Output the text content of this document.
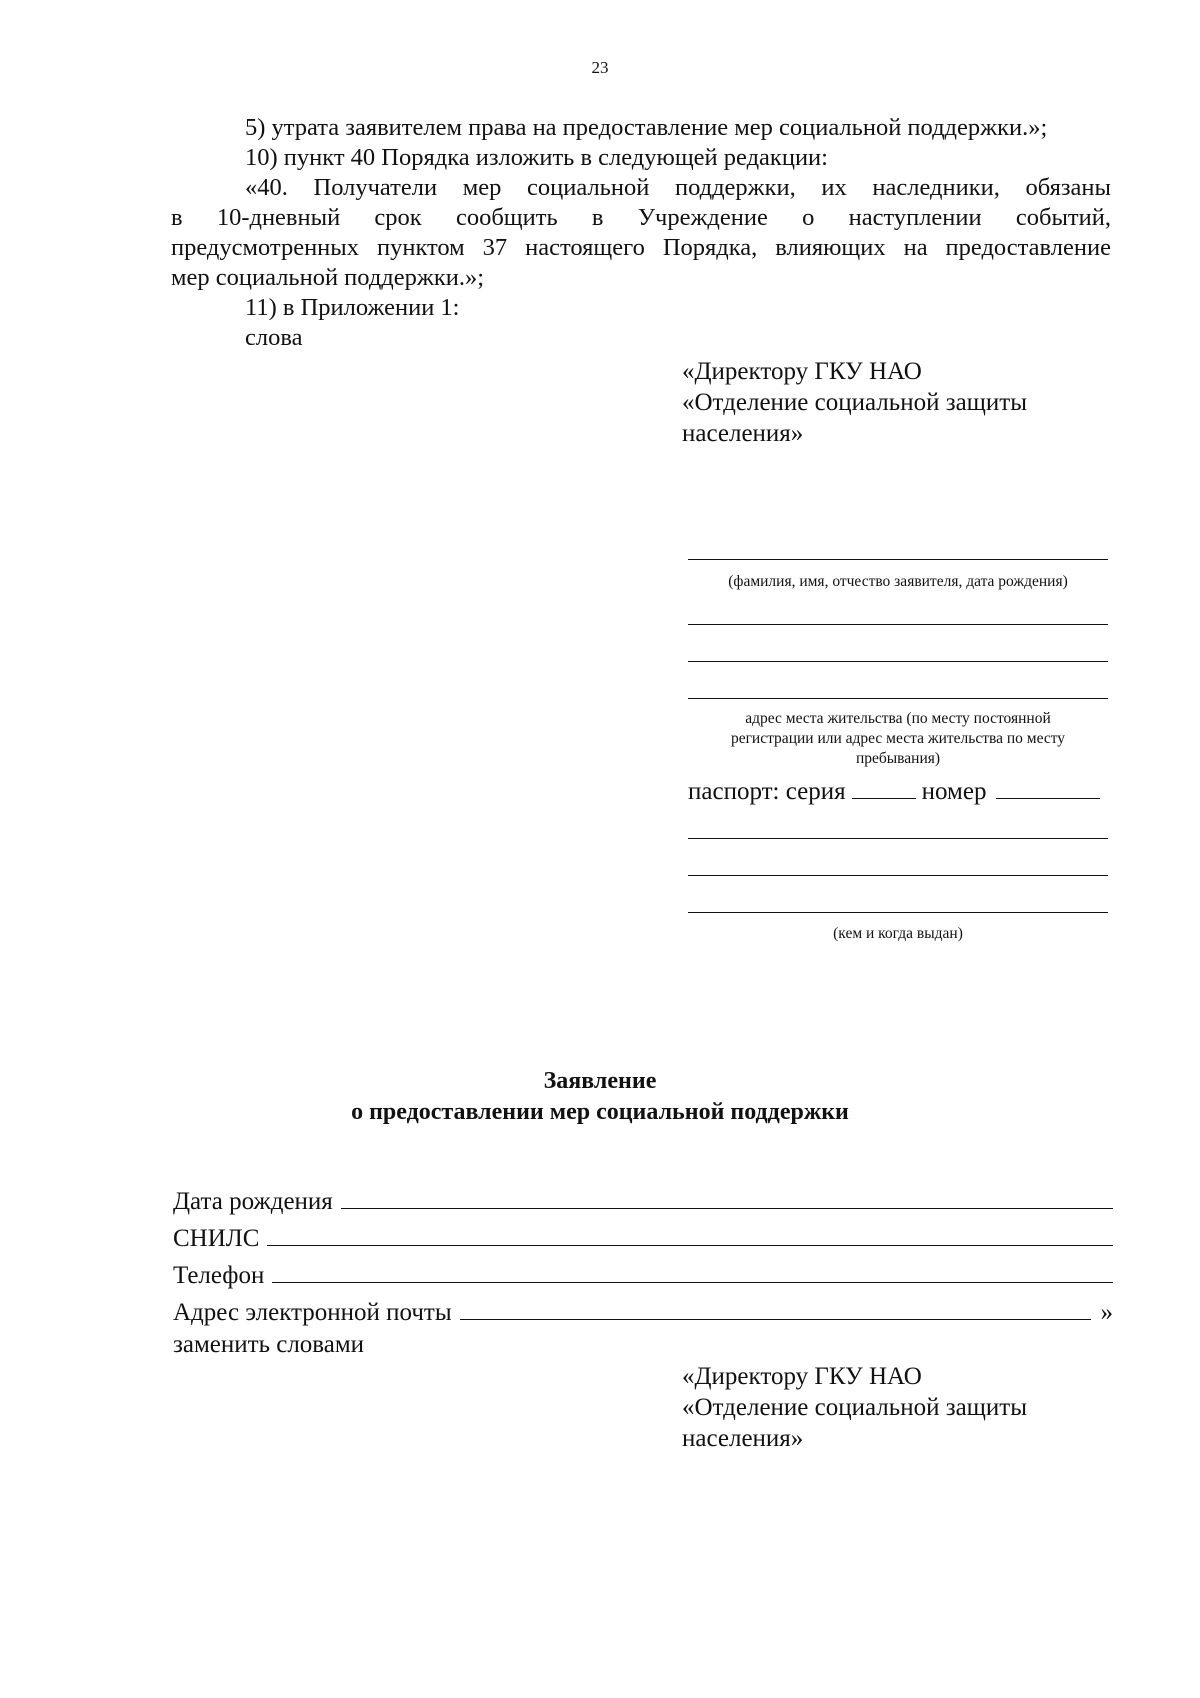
23

5) утрата заявителем права на предоставление мер социальной поддержки.»;

10) пункт 40 Порядка изложить в следующей редакции:

«40. Получатели мер социальной поддержки, их наследники, обязаны

в 10-дневный срок сообщить в Учреждение о наступлении событий,

предусмотренных пунктом 37 настоящего Порядка, влияющих на предоставление

мер социальной поддержки.»;

11) в Приложении 1:

слова

«Директору ГКУ НАО

«Отделение социальной защиты

населения»

(фамилия, имя, отчество заявителя, дата рождения)
адрес места жительства (по месту постоянной
регистрации или адрес места жительства по месту
пребывания)
паспорт: серия	номер
(кем и когда выдан)

Заявление

о предоставлении мер социальной поддержки

Дата рождения
СНИЛС
Телефон
Адрес электронной почты	»
заменить словами

«Директору ГКУ НАО

«Отделение социальной защиты

населения»
